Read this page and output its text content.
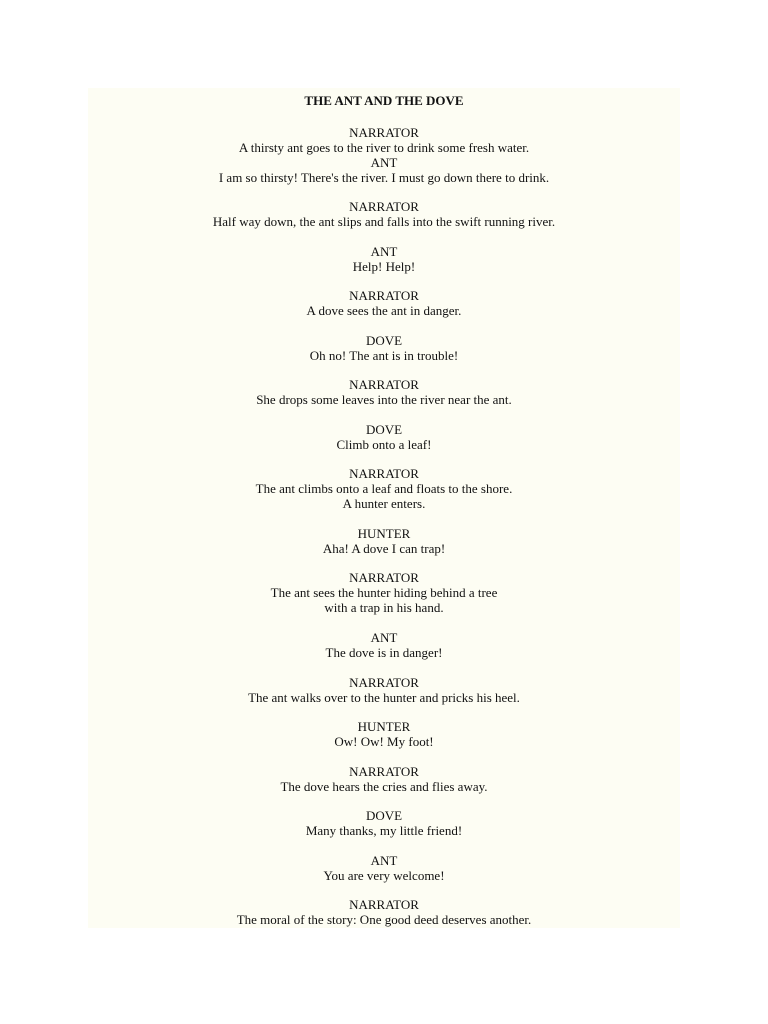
THE ANT AND THE DOVE
NARRATOR
A thirsty ant goes to the river to drink some fresh water.
ANT
I am so thirsty! There's the river. I must go down there to drink.
NARRATOR
Half way down, the ant slips and falls into the swift running river.
ANT
Help! Help!
NARRATOR
A dove sees the ant in danger.
DOVE
Oh no! The ant is in trouble!
NARRATOR
She drops some leaves into the river near the ant.
DOVE
Climb onto a leaf!
NARRATOR
The ant climbs onto a leaf and floats to the shore.
A hunter enters.
HUNTER
Aha! A dove I can trap!
NARRATOR
The ant sees the hunter hiding behind a tree
with a trap in his hand.
ANT
The dove is in danger!
NARRATOR
The ant walks over to the hunter and pricks his heel.
HUNTER
Ow! Ow! My foot!
NARRATOR
The dove hears the cries and flies away.
DOVE
Many thanks, my little friend!
ANT
You are very welcome!
NARRATOR
The moral of the story: One good deed deserves another.
